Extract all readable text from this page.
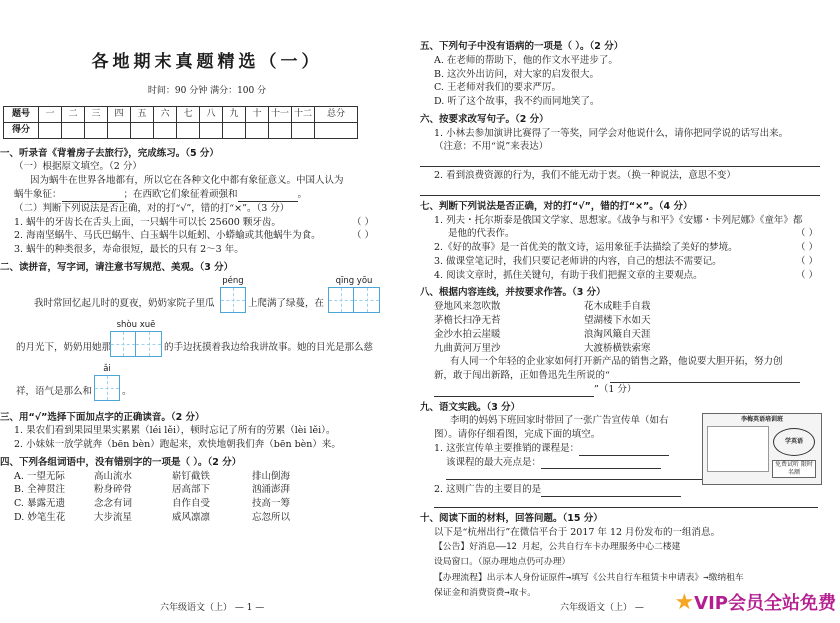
各地期末真题精选（一）
时间：90 分钟 满分：100 分
题号	一	二	三	四	五	六	七	八	九	十	十一	十二	总分
得分													
一、听录音《背着房子去旅行》，完成练习。（5 分）
（一）根据原文填空。（2 分）
因为蜗牛在世界各地都有，所以它在各种文化中都有象征意义。中国人认为
蜗牛象征：	；在西欧它们象征着顽强和	。
（二）判断下列说法是否正确，对的打“√”，错的打“×”。（3 分）
1. 蜗牛的牙齿长在舌头上面，一只蜗牛可以长 25600 颗牙齿。	（ ）
2. 海南坚蜗牛、马氏巴蜗牛、白玉蜗牛以蚯蚓、小蟒蝓或其他蜗牛为食。	（ ）
3. 蜗牛的种类很多，寿命很短，最长的只有 2～3 年。
二、读拼音，写字词，请注意书写规范、美观。（3 分）
我时常回忆起儿时的夏夜，奶奶家院子里瓜
péng
上爬满了绿蔓，在
qīng yōu
的月光下，奶奶用她那
shòu xuē
的手边抚摸着我边给我讲故事。她的目光是那么慈
祥，语气是那么和
ǎi
。
三、用“√”选择下面加点字的正确读音。（2 分）
1. 果农们看到果园里果实累累（léi lěi），顿时忘记了所有的劳累（lèi lěi）。
2. 小妹妹一放学就奔（bēn bèn）跑起来，欢快地朝我们奔（bēn bèn）来。
四、下列各组词语中，没有错别字的一项是（ ）。（2 分）
A. 一望无际	高山流水	崭钉截铁	排山倒海
B. 全神贯注	粉身碎骨	居高部下	汹涌澎湃
C. 暴露无遗	念念有词	自作自受	技高一筹
D. 妙笔生花	大步流星	威风凛凛	忘忽所以
六年级语文（上） — 1 —
五、下列句子中没有语病的一项是（ ）。（2 分）
A. 在老师的帮助下，他的作文水平进步了。
B. 这次外出访问，对大家的启发很大。
C. 王老师对我们的要求严厉。
D. 听了这个故事，我不约而同地笑了。
六、按要求改写句子。（2 分）
1. 小林去参加演讲比赛得了一等奖，同学会对他说什么，请你把同学说的话写出来。
（注意：不用“说”来表达）
2. 看到浪费资源的行为，我们不能无动于衷。（换一种说法，意思不变）
七、判断下列说法是否正确，对的打“√”，错的打“×”。（4 分）
1. 列夫・托尔斯泰是俄国文学家、思想家。《战争与和平》《安娜・卡列尼娜》《童年》都
是他的代表作。	（ ）
2.《好的故事》是一首优美的散文诗，运用象征手法描绘了美好的梦境。	（ ）
3. 做课堂笔记时，我们只要记老师讲的内容，自己的想法不需要记。	（ ）
4. 阅读文章时，抓住关键句，有助于我们把握文章的主要观点。	（ ）
八、根据内容连线，并按要求作答。（3 分）
登地风来忽吹散	花木成畦手自栽
茅檐长扫净无苔	望湖楼下水如天
金沙水拍云崖暖	浪淘风簸自天涯
九曲黄河万里沙	大渡桥横铁索寒
有人同一个年轻的企业家如何打开新产品的销售之路，他说要大胆开拓，努力创
新，敢于闯出新路，正如鲁迅先生所说的“
”（1 分）
九、语文实践。（3 分）
李明的妈妈下班回家时带回了一张广告宣传单（如右
图）。请你仔细看图，完成下面的填空。
1. 这张宣传单主要推销的课程是：
该课程的最大亮点是：
2. 这则广告的主要目的是
李梅英语培训班
学英语
免费试听 限时名额
十、阅读下面的材料，回答问题。（15 分）
以下是“杭州出行”在微信平台于 2017 年 12 月份发布的一组消息。
【公告】好消息——12 月起，公共自行车卡办理服务中心二楼建
设局窗口。（原办理地点仍可办理）
【办理流程】出示本人身份证原件→填写《公共自行车租赁卡申请表》→缴纳租车
保证金和消费资费→取卡。
六年级语文（上） — ★VIP会员全站免费
